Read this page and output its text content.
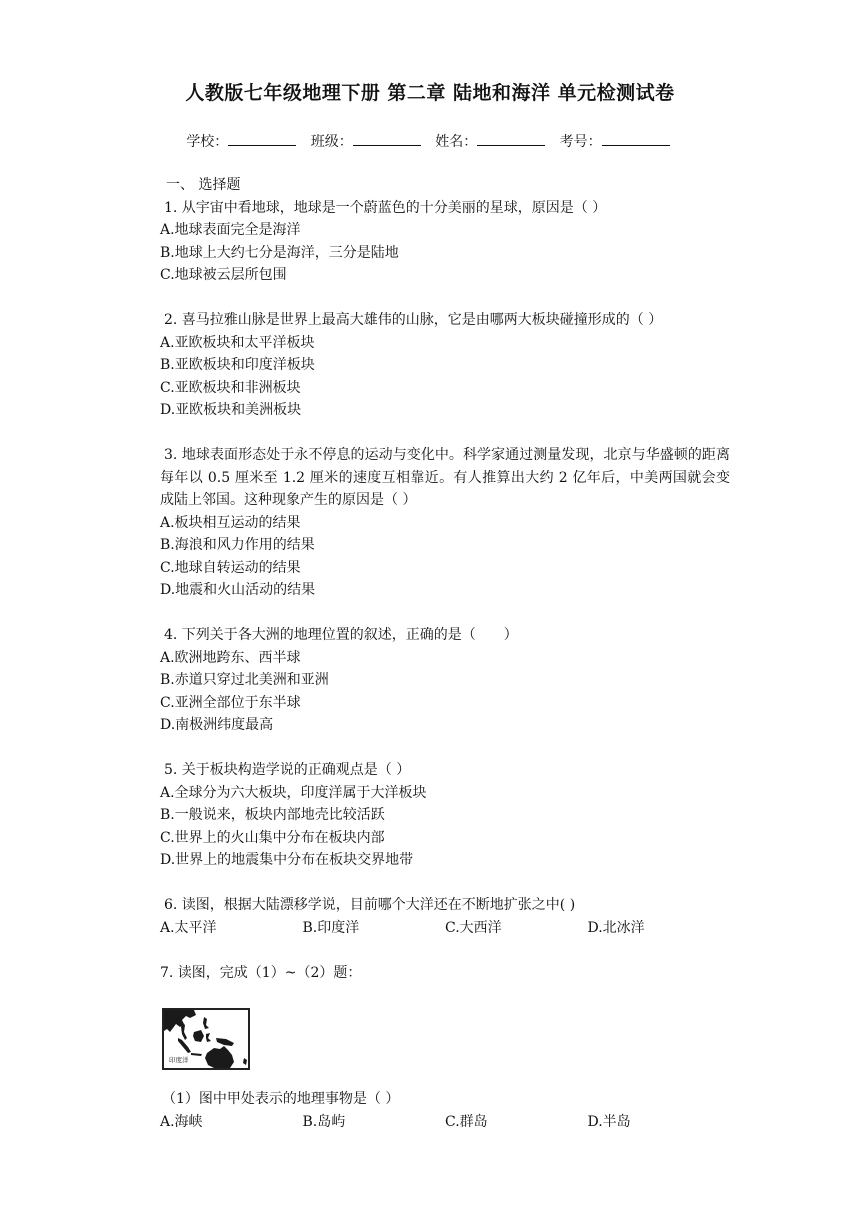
人教版七年级地理下册 第二章 陆地和海洋 单元检测试卷
学校：	班级：	姓名：	考号：
一、 选择题
1. 从宇宙中看地球，地球是一个蔚蓝色的十分美丽的星球，原因是（ ）
A.地球表面完全是海洋
B.地球上大约七分是海洋，三分是陆地
C.地球被云层所包围
2. 喜马拉雅山脉是世界上最高大雄伟的山脉，它是由哪两大板块碰撞形成的（ ）
A.亚欧板块和太平洋板块
B.亚欧板块和印度洋板块
C.亚欧板块和非洲板块
D.亚欧板块和美洲板块
3. 地球表面形态处于永不停息的运动与变化中。科学家通过测量发现，北京与华盛顿的距离每年以 0.5 厘米至 1.2 厘米的速度互相靠近。有人推算出大约 2 亿年后，中美两国就会变成陆上邻国。这种现象产生的原因是（ ）
A.板块相互运动的结果
B.海浪和风力作用的结果
C.地球自转运动的结果
D.地震和火山活动的结果
4. 下列关于各大洲的地理位置的叙述，正确的是（　　）
A.欧洲地跨东、西半球
B.赤道只穿过北美洲和亚洲
C.亚洲全部位于东半球
D.南极洲纬度最高
5. 关于板块构造学说的正确观点是（ ）
A.全球分为六大板块，印度洋属于大洋板块
B.一般说来，板块内部地壳比较活跃
C.世界上的火山集中分布在板块内部
D.世界上的地震集中分布在板块交界地带
6. 读图，根据大陆漂移学说，目前哪个大洋还在不断地扩张之中( )
A.太平洋	B.印度洋	C.大西洋	D.北冰洋
7. 读图，完成（1）~（2）题：
印度洋
（1）图中甲处表示的地理事物是（ ）
A.海峡	B.岛屿	C.群岛	D.半岛
